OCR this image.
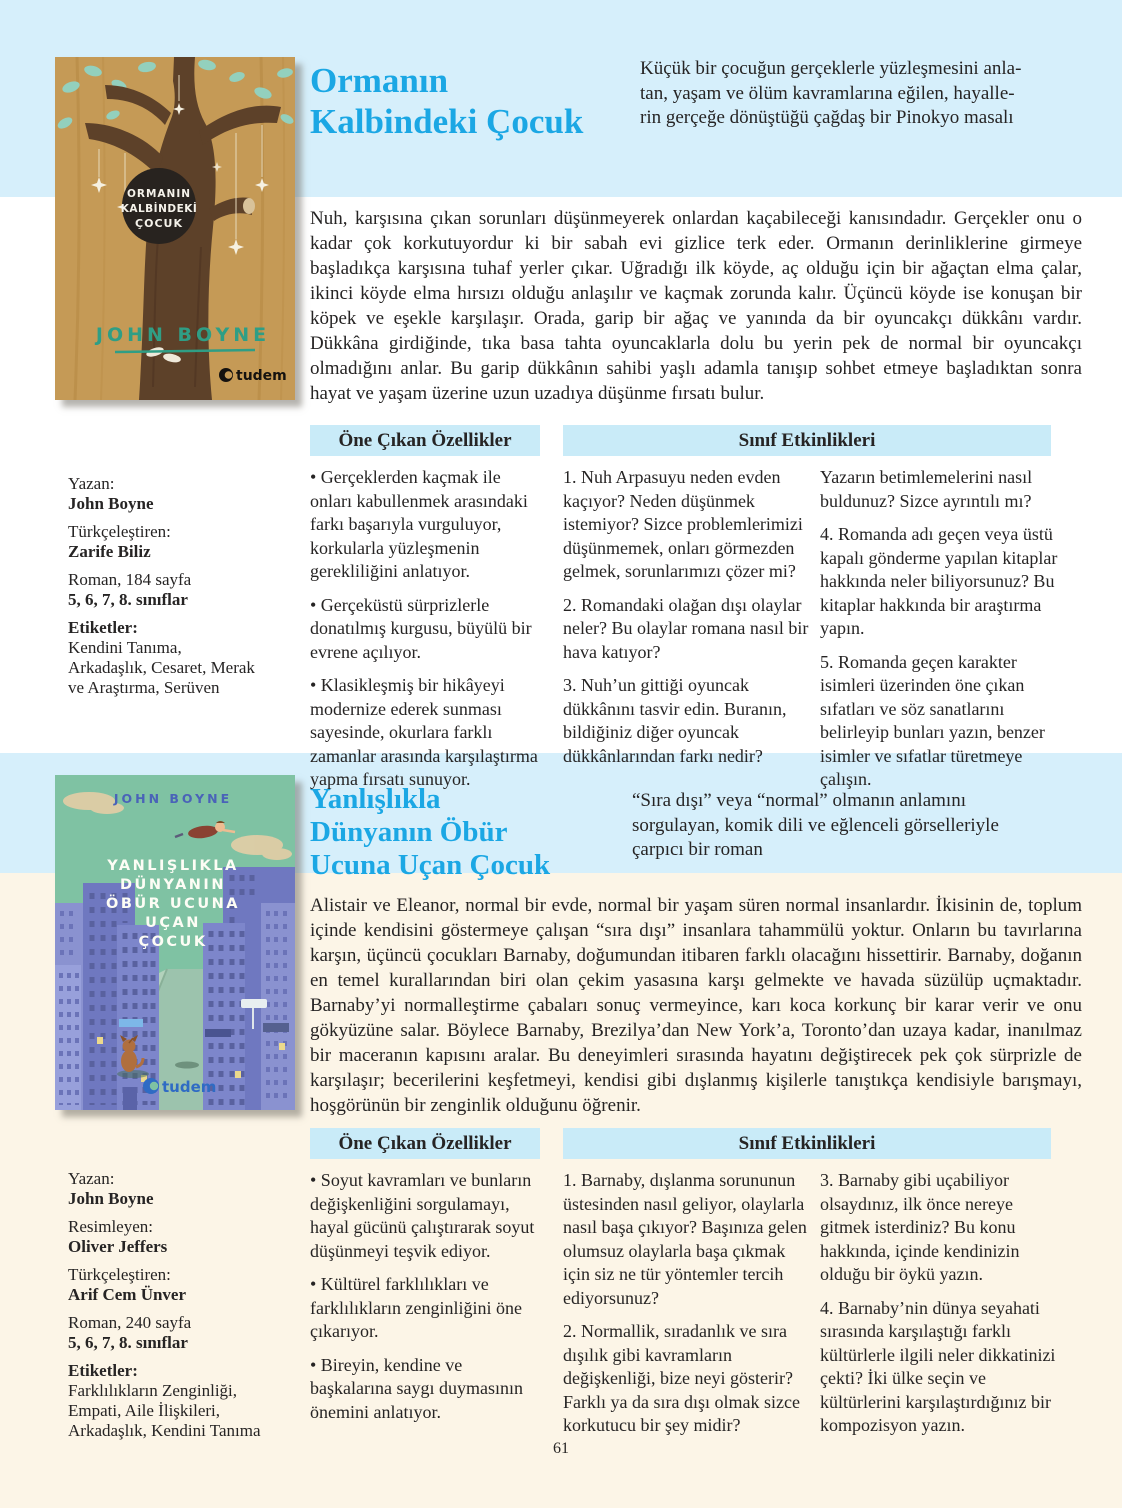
ORMANIN
KALBİNDEKİ
ÇOCUK
JOHN BOYNE
tudem
Ormanın
Kalbindeki Çocuk
Küçük bir çocuğun gerçeklerle yüzleşmesini anla-
tan, yaşam ve ölüm kavramlarına eğilen, hayalle-
rin gerçeğe dönüştüğü çağdaş bir Pinokyo masalı
Nuh, karşısına çıkan sorunları düşünmeyerek onlardan kaçabileceği kanısındadır. Gerçekler onu o kadar çok korkutuyordur ki bir sabah evi gizlice terk eder. Ormanın derinliklerine girmeye başladıkça karşısına tuhaf yerler çıkar. Uğradığı ilk köyde, aç olduğu için bir ağaçtan elma çalar, ikinci köyde elma hırsızı olduğu anlaşılır ve kaçmak zorunda kalır. Üçüncü köyde ise konuşan bir köpek ve eşekle karşılaşır. Orada, garip bir ağaç ve yanında da bir oyuncakçı dükkânı vardır. Dükkâna girdiğinde, tıka basa tahta oyuncaklarla dolu bu yerin pek de normal bir oyuncakçı olmadığını anlar. Bu garip dükkânın sahibi yaşlı adamla tanışıp sohbet etmeye başladıktan sonra hayat ve yaşam üzerine uzun uzadıya düşünme fırsatı bulur.
Öne Çıkan Özellikler	Sınıf Etkinlikleri

• Gerçeklerden kaçmak ile onları kabullenmek arasındaki farkı başarıyla vurguluyor, korkularla yüzleşmenin gerekliliğini anlatıyor.

• Gerçeküstü sürprizlerle donatılmış kurgusu, büyülü bir evrene açılıyor.

• Klasikleşmiş bir hikâyeyi modernize ederek sunması sayesinde, okurlara farklı zamanlar arasında karşılaştırma yapma fırsatı sunuyor.

1. Nuh Arpasuyu neden evden kaçıyor? Neden düşünmek istemiyor? Sizce problemlerimizi düşünmemek, onları görmezden gelmek, sorunlarımızı çözer mi?

2. Romandaki olağan dışı olaylar neler? Bu olaylar romana nasıl bir hava katıyor?

3. Nuh’un gittiği oyuncak dükkânını tasvir edin. Buranın, bildiğiniz diğer oyuncak dükkânlarından farkı nedir?

Yazarın betimlemelerini nasıl buldunuz? Sizce ayrıntılı mı?

4. Romanda adı geçen veya üstü kapalı gönderme yapılan kitaplar hakkında neler biliyorsunuz? Bu kitaplar hakkında bir araştırma yapın.

5. Romanda geçen karakter isimleri üzerinden öne çıkan sıfatları ve söz sanatlarını belirleyip bunları yazın, benzer isimler ve sıfatlar türetmeye çalışın.

Yazan:
John Boyne
Türkçeleştiren:
Zarife Biliz
Roman, 184 sayfa
5, 6, 7, 8. sınıflar
Etiketler:
Kendini Tanıma,
Arkadaşlık, Cesaret, Merak
ve Araştırma, Serüven
JOHN BOYNE
YANLIŞLIKLA
DÜNYANIN
ÖBÜR UCUNA
UÇAN
ÇOCUK
tudem
Yanlışlıkla
Dünyanın Öbür
Ucuna Uçan Çocuk
“Sıra dışı” veya “normal” olmanın anlamını
sorgulayan, komik dili ve eğlenceli görselleriyle
çarpıcı bir roman
Alistair ve Eleanor, normal bir evde, normal bir yaşam süren normal insanlardır. İkisinin de, toplum içinde kendisini göstermeye çalışan “sıra dışı” insanlara tahammülü yoktur. Onların bu tavırlarına karşın, üçüncü çocukları Barnaby, doğumundan itibaren farklı olacağını hissettirir. Barnaby, doğanın en temel kurallarından biri olan çekim yasasına karşı gelmekte ve havada süzülüp uçmaktadır. Barnaby’yi normalleştirme çabaları sonuç vermeyince, karı koca korkunç bir karar verir ve onu gökyüzüne salar. Böylece Barnaby, Brezilya’dan New York’a, Toronto’dan uzaya kadar, inanılmaz bir maceranın kapısını aralar. Bu deneyimleri sırasında hayatını değiştirecek pek çok sürprizle de karşılaşır; becerilerini keşfetmeyi, kendisi gibi dışlanmış kişilerle tanıştıkça kendisiyle barışmayı, hoşgörünün bir zenginlik olduğunu öğrenir.
Öne Çıkan Özellikler	Sınıf Etkinlikleri

• Soyut kavramları ve bunların değişkenliğini sorgulamayı, hayal gücünü çalıştırarak soyut düşünmeyi teşvik ediyor.

• Kültürel farklılıkları ve farklılıkların zenginliğini öne çıkarıyor.

• Bireyin, kendine ve başkalarına saygı duymasının önemini anlatıyor.

1. Barnaby, dışlanma sorununun üstesinden nasıl geliyor, olaylarla nasıl başa çıkıyor? Başınıza gelen olumsuz olaylarla başa çıkmak için siz ne tür yöntemler tercih ediyorsunuz?

2. Normallik, sıradanlık ve sıra dışılık gibi kavramların değişkenliği, bize neyi gösterir? Farklı ya da sıra dışı olmak sizce korkutucu bir şey midir?

3. Barnaby gibi uçabiliyor olsaydınız, ilk önce nereye gitmek isterdiniz? Bu konu hakkında, içinde kendinizin olduğu bir öykü yazın.

4. Barnaby’nin dünya seyahati sırasında karşılaştığı farklı kültürlerle ilgili neler dikkatinizi çekti? İki ülke seçin ve kültürlerini karşılaştırdığınız bir kompozisyon yazın.

Yazan:
John Boyne
Resimleyen:
Oliver Jeffers
Türkçeleştiren:
Arif Cem Ünver
Roman, 240 sayfa
5, 6, 7, 8. sınıflar
Etiketler:
Farklılıkların Zenginliği,
Empati, Aile İlişkileri,
Arkadaşlık, Kendini Tanıma
61
